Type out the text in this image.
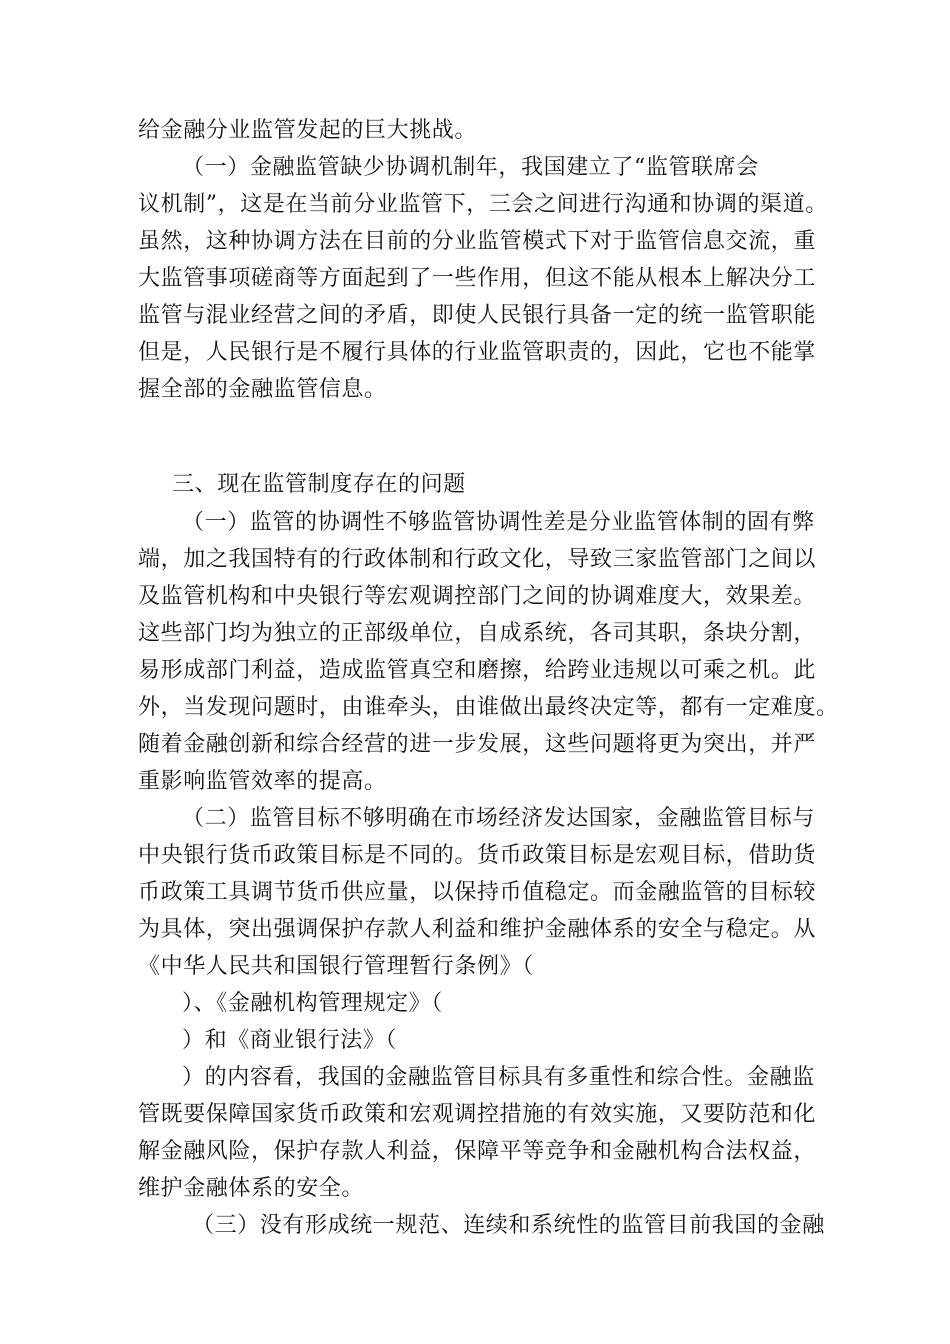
给金融分业监管发起的巨大挑战。
（一）金融监管缺少协调机制年，我国建立了“监管联席会
议机制”，这是在当前分业监管下，三会之间进行沟通和协调的渠道。
虽然，这种协调方法在目前的分业监管模式下对于监管信息交流，重
大监管事项磋商等方面起到了一些作用，但这不能从根本上解决分工
监管与混业经营之间的矛盾，即使人民银行具备一定的统一监管职能
但是，人民银行是不履行具体的行业监管职责的，因此，它也不能掌
握全部的金融监管信息。
三、现在监管制度存在的问题
（一）监管的协调性不够监管协调性差是分业监管体制的固有弊
端，加之我国特有的行政体制和行政文化，导致三家监管部门之间以
及监管机构和中央银行等宏观调控部门之间的协调难度大，效果差。
这些部门均为独立的正部级单位，自成系统，各司其职，条块分割，
易形成部门利益，造成监管真空和磨擦，给跨业违规以可乘之机。此
外，当发现问题时，由谁牵头，由谁做出最终决定等，都有一定难度。
随着金融创新和综合经营的进一步发展，这些问题将更为突出，并严
重影响监管效率的提高。
（二）监管目标不够明确在市场经济发达国家，金融监管目标与
中央银行货币政策目标是不同的。货币政策目标是宏观目标，借助货
币政策工具调节货币供应量，以保持币值稳定。而金融监管的目标较
为具体，突出强调保护存款人利益和维护金融体系的安全与稳定。从
《中华人民共和国银行管理暂行条例》（
）、《金融机构管理规定》（
）和《商业银行法》（
）的内容看，我国的金融监管目标具有多重性和综合性。金融监
管既要保障国家货币政策和宏观调控措施的有效实施，又要防范和化
解金融风险，保护存款人利益，保障平等竞争和金融机构合法权益，
维护金融体系的安全。
（三）没有形成统一规范、连续和系统性的监管目前我国的金融
